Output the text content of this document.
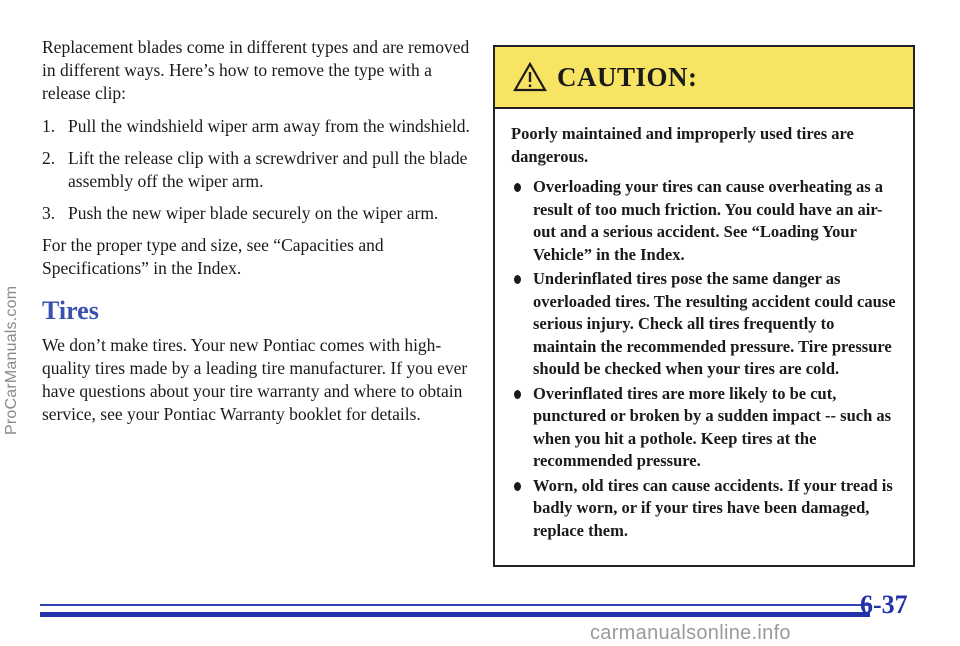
ProCarManuals.com

Replacement blades come in different types and are removed in different ways. Here’s how to remove the type with a release clip:

1. Pull the windshield wiper arm away from the windshield.
2. Lift the release clip with a screwdriver and pull the blade assembly off the wiper arm.
3. Push the new wiper blade securely on the wiper arm.

For the proper type and size, see “Capacities and Specifications” in the Index.

Tires

We don’t make tires. Your new Pontiac comes with high-quality tires made by a leading tire manufacturer. If you ever have questions about your tire warranty and where to obtain service, see your Pontiac Warranty booklet for details.

CAUTION:

Poorly maintained and improperly used tires are dangerous.

Overloading your tires can cause overheating as a result of too much friction. You could have an air-out and a serious accident. See “Loading Your Vehicle” in the Index.
Underinflated tires pose the same danger as overloaded tires. The resulting accident could cause serious injury. Check all tires frequently to maintain the recommended pressure. Tire pressure should be checked when your tires are cold.
Overinflated tires are more likely to be cut, punctured or broken by a sudden impact -- such as when you hit a pothole. Keep tires at the recommended pressure.
Worn, old tires can cause accidents. If your tread is badly worn, or if your tires have been damaged, replace them.
6-37
carmanualsonline.info
